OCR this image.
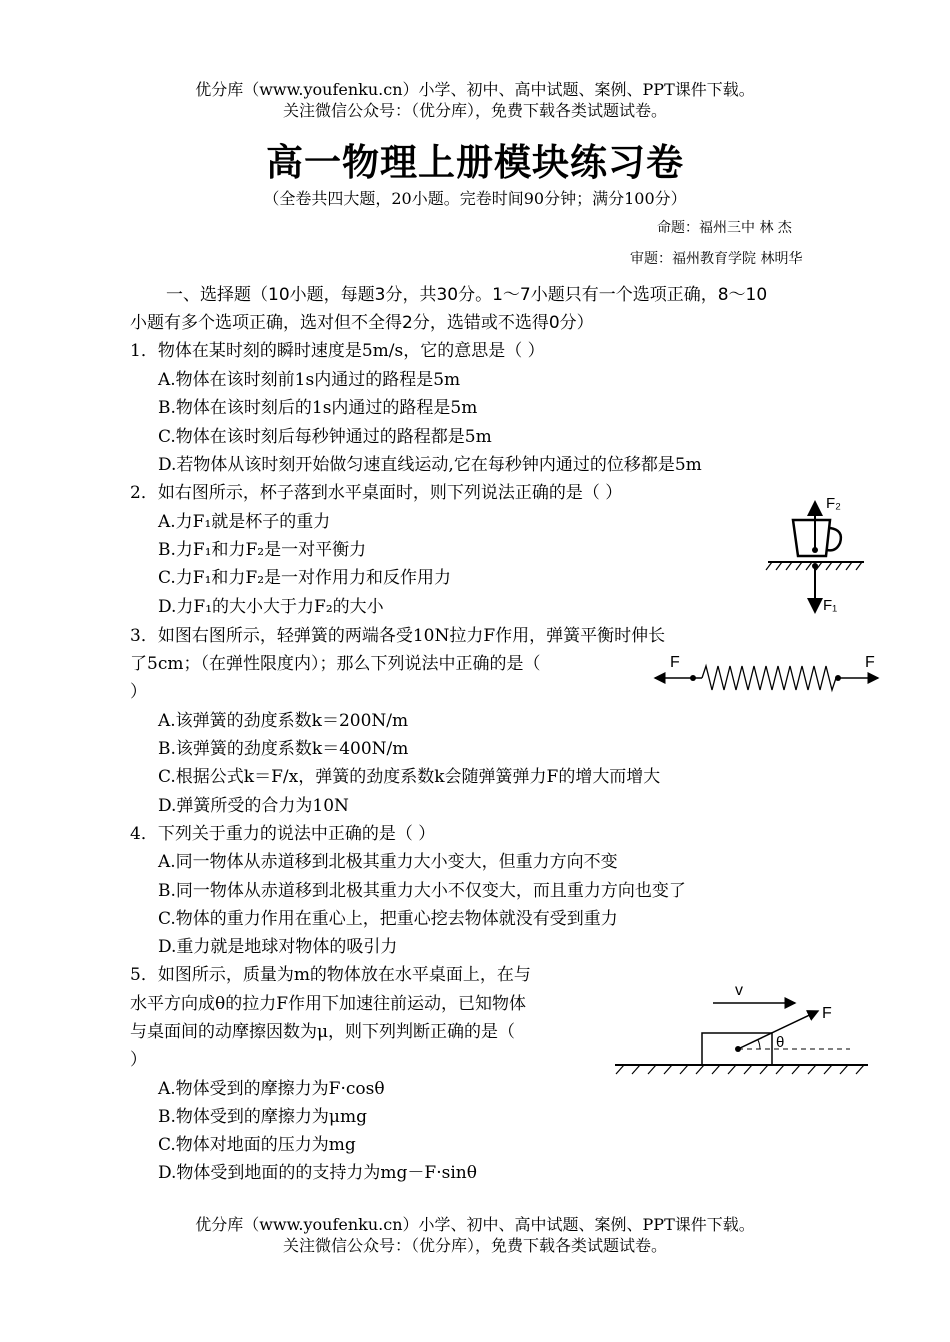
优分库（www.youfenku.cn）小学、初中、高中试题、案例、PPT课件下载。
关注微信公众号：（优分库），免费下载各类试题试卷。
高一物理上册模块练习卷
（全卷共四大题，20小题。完卷时间90分钟；满分100分）
命题：福州三中 林 杰
审题：福州教育学院 林明华
一、选择题（10小题，每题3分，共30分。1～7小题只有一个选项正确，8～10
小题有多个选项正确，选对但不全得2分，选错或不选得0分）
1．物体在某时刻的瞬时速度是5m/s，它的意思是（ ）
A.物体在该时刻前1s内通过的路程是5m
B.物体在该时刻后的1s内通过的路程是5m
C.物体在该时刻后每秒钟通过的路程都是5m
D.若物体从该时刻开始做匀速直线运动,它在每秒钟内通过的位移都是5m
2．如右图所示，杯子落到水平桌面时，则下列说法正确的是（ ）
A.力F₁就是杯子的重力
B.力F₁和力F₂是一对平衡力
C.力F₁和力F₂是一对作用力和反作用力
D.力F₁的大小大于力F₂的大小
F₂
F₁
3．如图右图所示，轻弹簧的两端各受10N拉力F作用，弹簧平衡时伸长
了5cm；（在弹性限度内）；那么下列说法中正确的是（
）
A.该弹簧的劲度系数k＝200N/m
B.该弹簧的劲度系数k＝400N/m
C.根据公式k＝F/x，弹簧的劲度系数k会随弹簧弹力F的增大而增大
D.弹簧所受的合力为10N
F	F
4．下列关于重力的说法中正确的是（ ）
A.同一物体从赤道移到北极其重力大小变大，但重力方向不变
B.同一物体从赤道移到北极其重力大小不仅变大，而且重力方向也变了
C.物体的重力作用在重心上，把重心挖去物体就没有受到重力
D.重力就是地球对物体的吸引力
5．如图所示，质量为m的物体放在水平桌面上，在与
水平方向成θ的拉力F作用下加速往前运动，已知物体
与桌面间的动摩擦因数为μ，则下列判断正确的是（
）
A.物体受到的摩擦力为F·cosθ
B.物体受到的摩擦力为μmg
C.物体对地面的压力为mg
D.物体受到地面的的支持力为mg－F·sinθ
v
F
θ
优分库（www.youfenku.cn）小学、初中、高中试题、案例、PPT课件下载。
关注微信公众号：（优分库），免费下载各类试题试卷。
